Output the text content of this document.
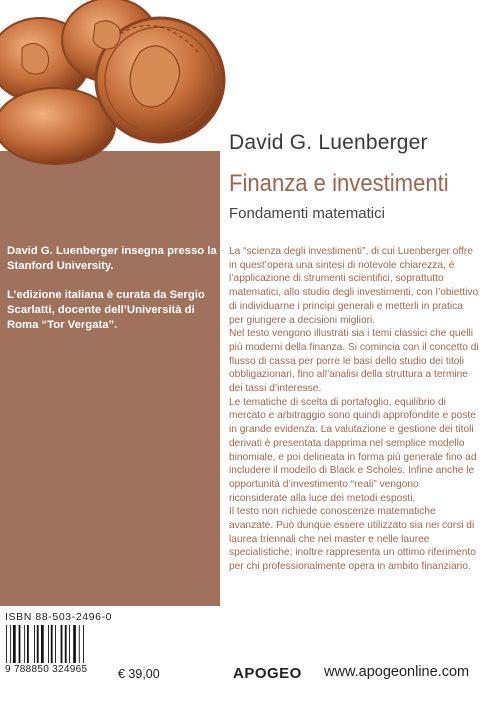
David G. Luenberger
Finanza e investimenti
Fondamenti matematici

David G. Luenberger insegna presso la Stanford University.

L’edizione italiana è curata da Sergio Scarlatti, docente dell’Università di Roma “Tor Vergata”.

La “scienza degli investimenti”, di cui Luenberger offre in quest’opera una sintesi di notevole chiarezza, è l’applicazione di strumenti scientifici, soprattutto matematici, allo studio degli investimenti, con l’obiettivo di individuarne i principi generali e metterli in pratica per giungere a decisioni migliori.

Nel testo vengono illustrati sia i temi classici che quelli più moderni della finanza. Si comincia con il concetto di flusso di cassa per porre le basi dello studio dei titoli obbligazionari, fino all’analisi della struttura a termine dei tassi d’interesse.

Le tematiche di scelta di portafoglio, equilibrio di mercato e arbitraggio sono quindi approfondite e poste in grande evidenza. La valutazione e gestione dei titoli derivati è presentata dapprima nel semplice modello binomiale, e poi delineata in forma più generale fino ad includere il modello di Black e Scholes. Infine anche le opportunità d’investimento “reali” vengono riconsiderate alla luce dei metodi esposti.

Il testo non richiede conoscenze matematiche avanzate. Può dunque essere utilizzato sia nei corsi di laurea triennali che nei master e nelle lauree specialistiche; inoltre rappresenta un ottimo riferimento per chi professionalmente opera in ambito finanziario.

ISBN 88-503-2496-0
9 788850 324965 € 39,00	APOGEO www.apogeonline.com
